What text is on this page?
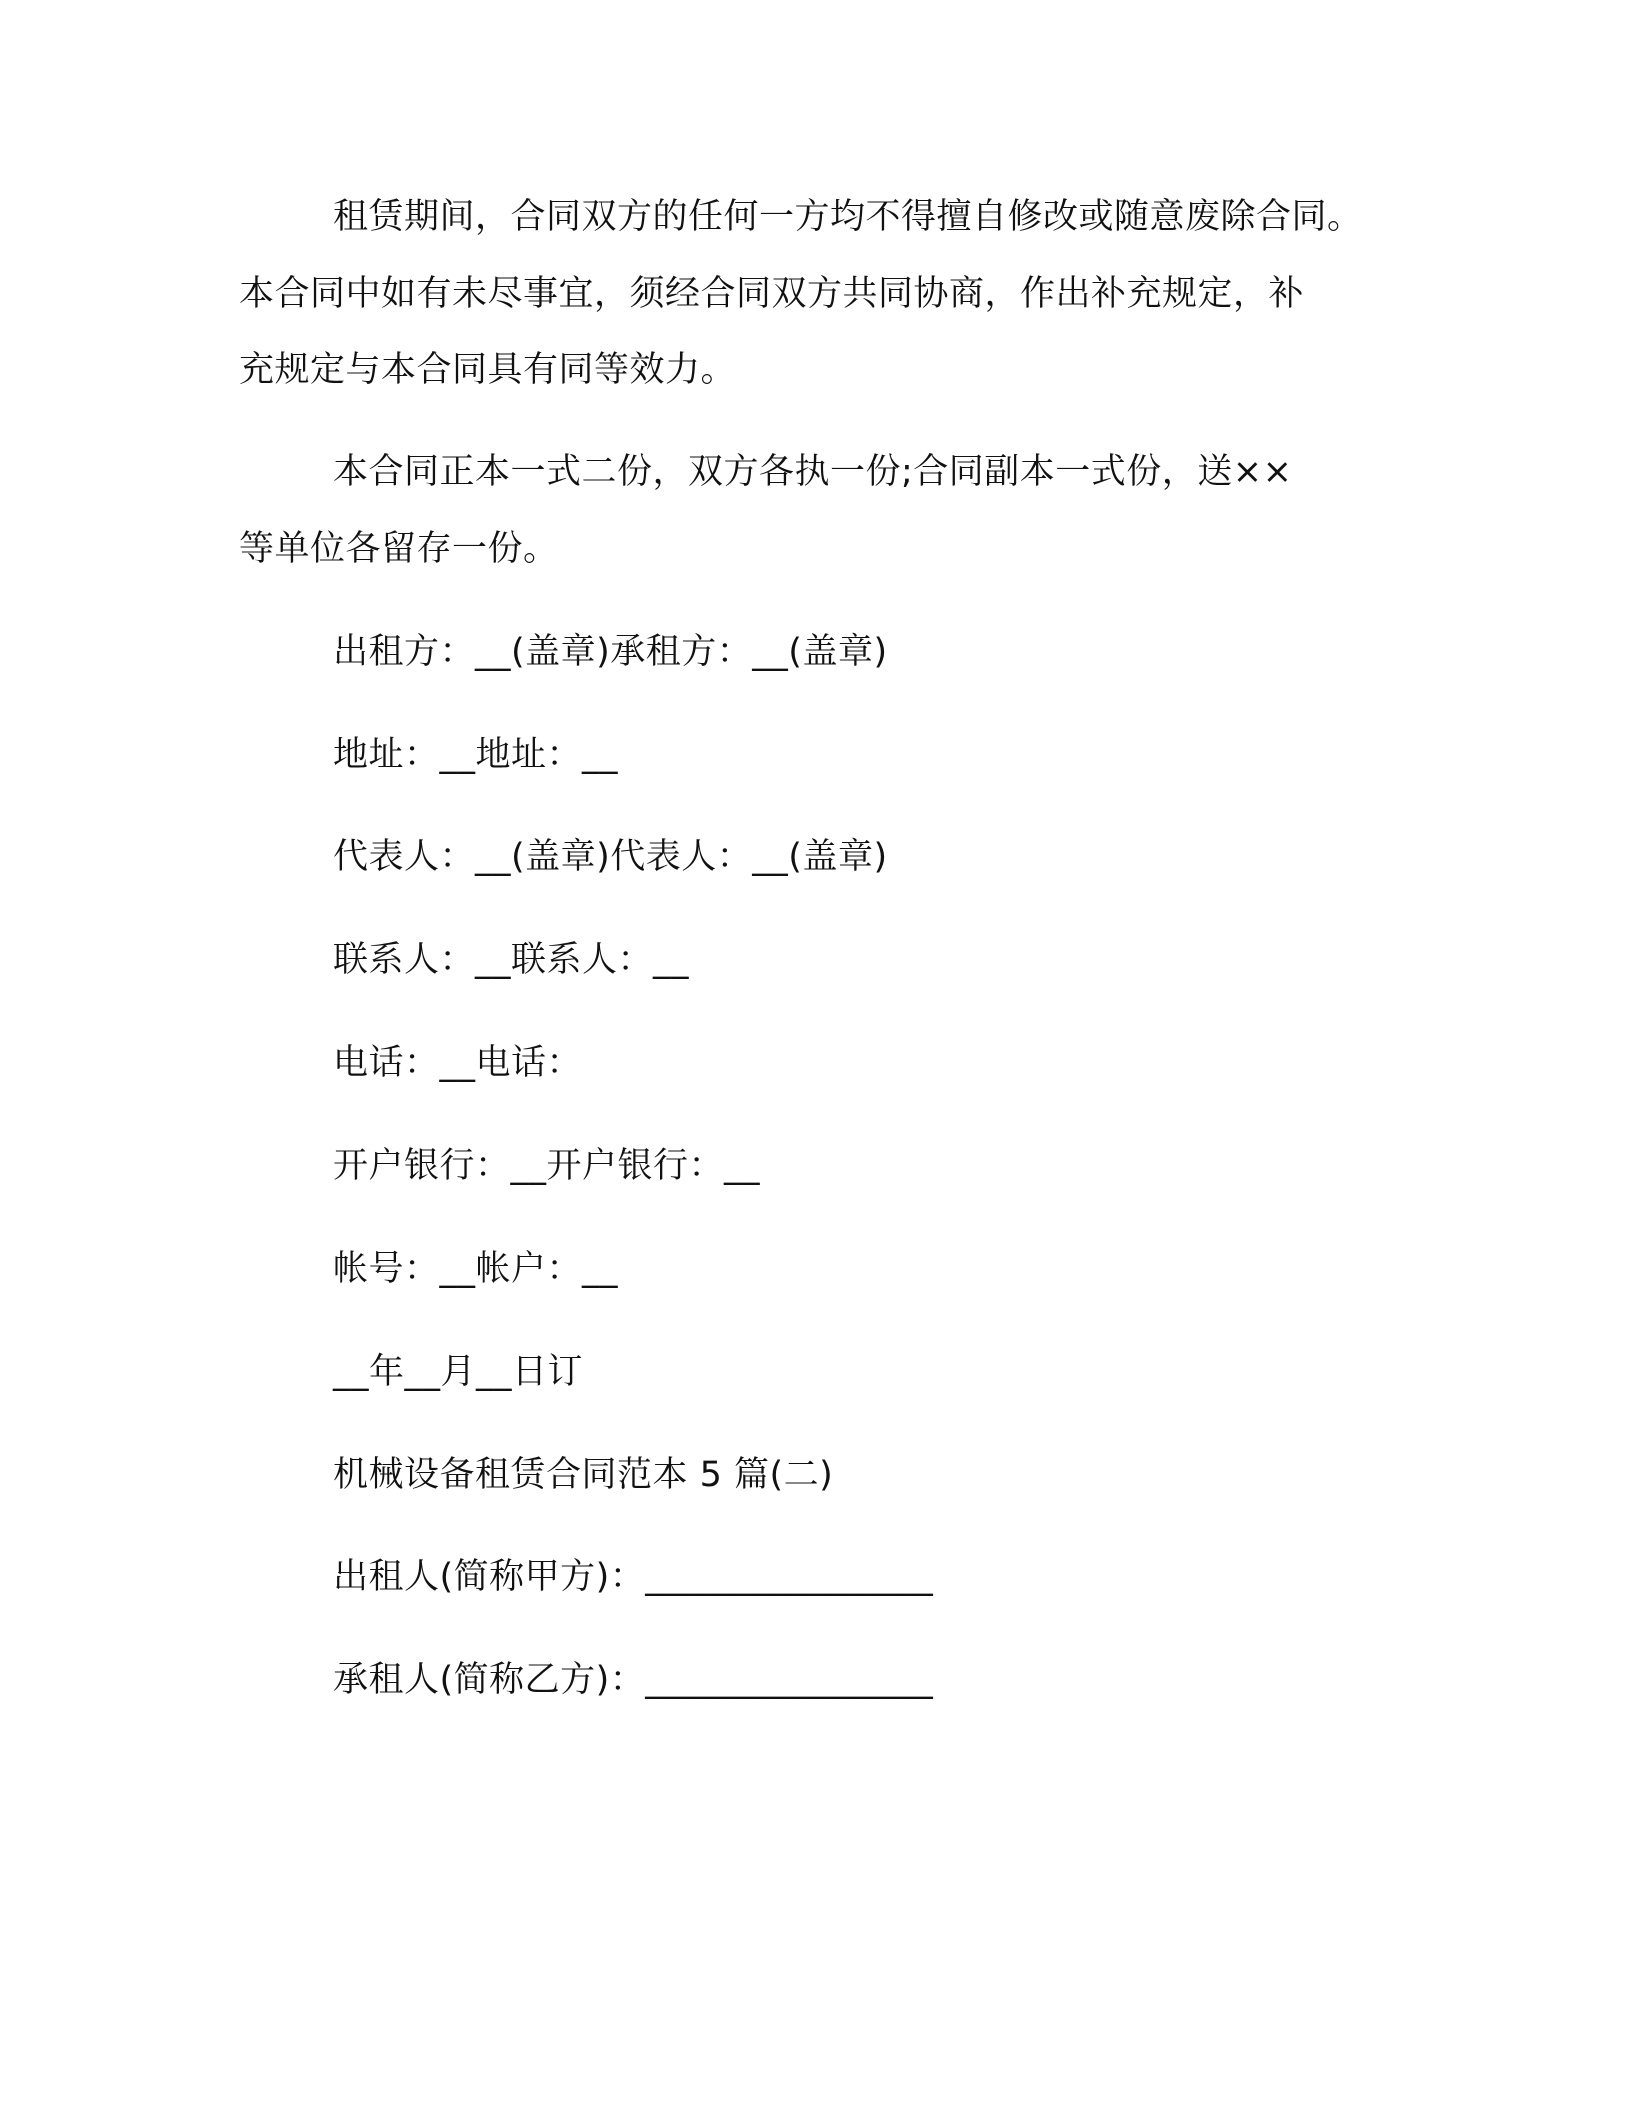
租赁期间，合同双方的任何一方均不得擅自修改或随意废除合同。
本合同中如有未尽事宜，须经合同双方共同协商，作出补充规定，补
充规定与本合同具有同等效力。
本合同正本一式二份，双方各执一份;合同副本一式份，送××
等单位各留存一份。
出租方：__(盖章)承租方：__(盖章)
地址：__地址：__
代表人：__(盖章)代表人：__(盖章)
联系人：__联系人：__
电话：__电话：
开户银行：__开户银行：__
帐号：__帐户：__
__年__月__日订
机械设备租赁合同范本 5 篇(二)
出租人(简称甲方)：________________
承租人(简称乙方)：________________
